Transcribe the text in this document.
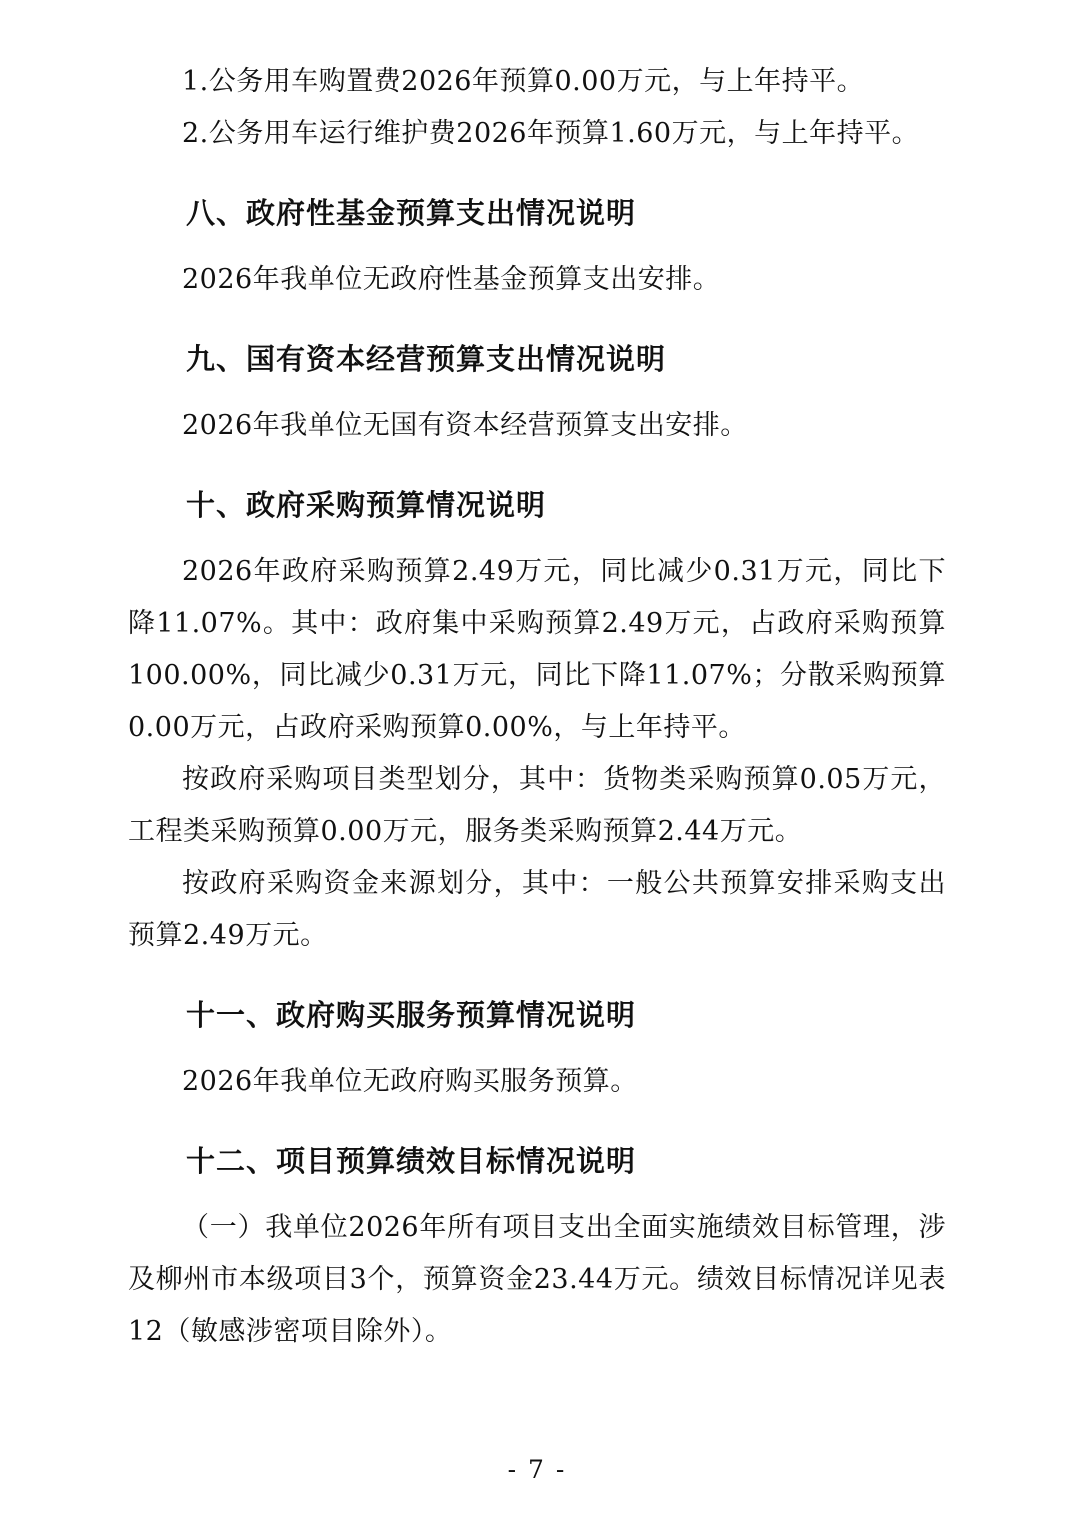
1.公务用车购置费2026年预算0.00万元，与上年持平。

2.公务用车运行维护费2026年预算1.60万元，与上年持平。

八、政府性基金预算支出情况说明

2026年我单位无政府性基金预算支出安排。

九、国有资本经营预算支出情况说明

2026年我单位无国有资本经营预算支出安排。

十、政府采购预算情况说明

2026年政府采购预算2.49万元，同比减少0.31万元，同比下降11.07%。其中：政府集中采购预算2.49万元，占政府采购预算100.00%，同比减少0.31万元，同比下降11.07%；分散采购预算0.00万元，占政府采购预算0.00%，与上年持平。

按政府采购项目类型划分，其中：货物类采购预算0.05万元，工程类采购预算0.00万元，服务类采购预算2.44万元。

按政府采购资金来源划分，其中：一般公共预算安排采购支出预算2.49万元。

十一、政府购买服务预算情况说明

2026年我单位无政府购买服务预算。

十二、项目预算绩效目标情况说明

（一）我单位2026年所有项目支出全面实施绩效目标管理，涉及柳州市本级项目3个，预算资金23.44万元。绩效目标情况详见表12（敏感涉密项目除外）。

- 7 -
